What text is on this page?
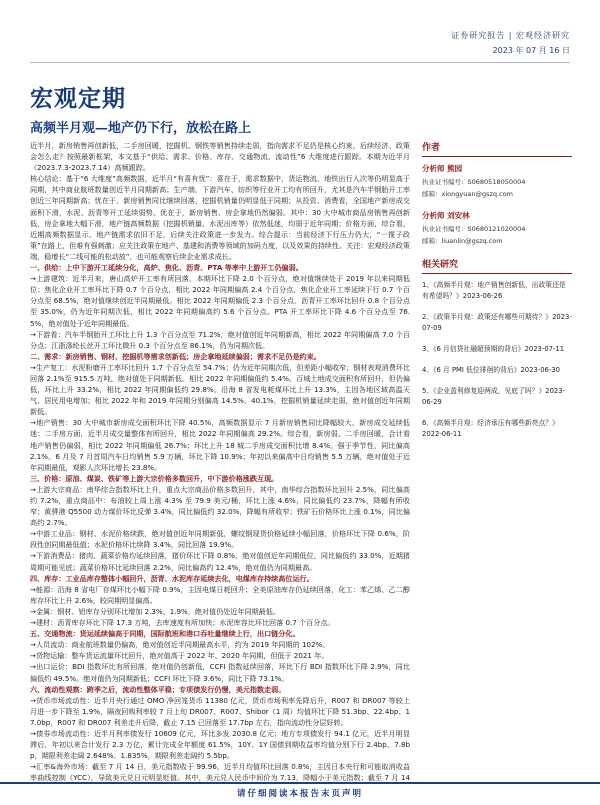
证券研究报告 | 宏观经济研究
2023 年 07 月 16 日
宏观定期
高频半月观—地产仍下行，放松在路上

近半月，新房销售再创新低，二手房回暖，挖掘机、钢铁等销售持续走弱，指向需求不足仍是核心约束，后续经济、政策会怎么走？按照最新框架，本文基于“供给、需求、价格、库存、交通物流、流动性”6 大维度进行跟踪。本期为近半月（2023.7.3-2023.7.14）高频跟踪。

核心结论：基于“6 大维度”高频数据，近半月“有喜有忧”：喜在于，需求数据中，货运物流、地铁出行人次等仍明显高于同期，其中商业航班数量创近半月同期新高；生产端，下游汽车、纺织等行业开工均有所回升，尤其是汽车半钢胎开工率创近三年同期新高；忧在于，新房销售同比继续回落，挖掘机销量仍明显低于同期；从投资、消费看，全国地产新房成交面积下滑，水泥、沥青等开工延续弱势、优在于，新房销售、房企拿地仍然偏弱。其中：30 大中城市商品房销售再创新低，房企拿地大幅下滑，地产链高频数据（挖掘机销量、水泥出库等）依然低迷，均弱于近年同期；价格方面，综合看，近期高频数据显示，地产链需求依旧不足，后续关注政策进一步发力。综合提示：当前经济下行压力仍大，“一揽子政策”在路上，但难有强刺激；应关注政策在地产、基建和消费等领域的加码力度，以及效果的持续性。关注：宏观经济政策端，稳增长“二线可能的松动放”，也可能观察后续企业需求成长。

一、供给：上中下游开工延续分化，高炉、焦化、沥青、PTA 等率中上游开工仍偏弱。

→上游建筑：近半月来，唐山高炉开工率有所回落，本期环比下降 2.0 个百分点，绝对值继续处于 2019 年以来同期低位；焦化企业开工率环比下降 0.7 个百分点，相比 2022 年同期偏高 2.4 个百分点，焦化企业开工率延续下行 0.7 个百分点至 68.5%，绝对值继续创近半同期最低。相比 2022 年同期偏低 2.3 个百分点，沥青开工率环比回升 0.8 个百分点至 35.0%，仍为近年同期次低，相比 2022 年同期偏高约 5.6 个百分点。PTA 开工率环比下降 4.6 个百分点至 76.5%，绝对值处于近年同期最低。

→下游看：汽车半钢胎开工环比上升 1.3 个百分点至 71.2%，绝对值创近年同期新高，相比 2022 年同期偏高 7.0 个百分点；江浙涤纶长丝开工环比微升 0.3 个百分点至 86.1%，仍为同期次低。

二、需求：新房销售、钢材、挖掘机等需求创新低；房企拿地延续偏弱；需求不足仍是约束。

→生产复工：水泥粉磨开工率环比回升 1.7 个百分点至 54.7%；仍为近年同期次低，但差距小幅收窄；钢材表观消费环比回落 2.1%至 915.5 万吨，绝对值处于同期新低。相比 2022 年同期偏低约 5.4%。百城土地成交面积有所回升，但仍偏低，环比上升 33.2%，相比 2022 年同期偏低约 29.8%。沿海 8 省发电耗煤环比上升 13.3%，主因各地区域高温天气、居民用电增加；相比 2022 年和 2019 年同期分别偏高 14.5%、40.1%，挖掘机销量延续走弱，绝对值创近年同期新低。

→地产销售：30 大中城市新房成交面积环比下降 40.5%，高频数据显示 7 月新房销售同比降幅较大，新房成交延续低迷；二手房方面，近半月成交量整体有所回升，相比 2022 年同期偏高 29.2%。综合看，新房弱、二手房回暖，合计看地产销售仍偏弱，相比 2022 年同期偏低 26.7%；环比上升 18 城二手房成交面积比增 8.4%。强于季节性，同比偏高 2.1%。6 月及 7 月首周汽车日均销售 5.9 万辆，环比下降 10.9%；年初以来偏高中日均销售 5.5 万辆，绝对值处于近年同期最低，观影人次环比增长 23.8%。

三、价格：原油、煤炭、铁矿等上游大宗价格多数回升，中下游价格涨跌互现。

→上游大宗商品：南华综合指数环比上升，重点大宗商品价格多数回升，其中，南华综合指数环比回升 2.5%，同比偏高约 7.2%，重点商品中：布油较上周上涨 4.3% 至 79.9 美元/桶，环比上涨 4.6%，同比偏低约 23.7%，降幅有所收窄；黄骅港 Q5500 动力煤价环比反弹 3.4%，同比偏低约 32.0%，降幅有所收窄；铁矿石价格环比上涨 0.1%，同比偏高约 2.7%。

→中游工业品：钢材、水泥价格续跌，绝对值创近年同期新低，螺纹钢现货价格延续小幅回落，价格环比下降 0.6%，阶段性创同期最低值；水泥价格环比续降 3.4%，同比回落 19.9%。

→下游消费品：猪肉、蔬菜价格均延续回落，猪价环比下降 0.8%，绝对值创近年同期低位，同比偏低约 33.0%，近期猪周期可能见底；蔬菜价格环比延续回落 2.2%，同比偏高约 12.4%，绝对值仍为同期最高。

四、库存：工业品库存整体小幅回升，沥青、水泥库存延续去化，电煤库存持续高位运行。

→能源：沿海 8 省电厂存煤环比小幅下降 0.9%，主因电煤日耗回升；全美原油库存仍延续回落，化工：苯乙烯、乙二醇库存环比上升 2.6%，较同期明显偏高。

→金属：钢材、铝库存分别环比增加 2.3%、1.9%，绝对值仍处近年同期最低。

→建材：沥青库存环比下降 17.3 万吨，去库速度有所加快；水泥库容比环比回落 0.7 个百分点。

五、交通物流：货运延续偏高于同期，国际航班和港口吞吐量继续上行，出口链分化。

→人员流动：商业航班数量仍偏高，绝对值创近半同期最高水平，约为 2019 年同期的 102%。

→货物运输：整车货运流量环比回升，绝对值高于 2022 年、2020 年同期，但低于 2021 年。

→出口运价：BDI 指数环比有所回落，绝对值仍创新低，CCFI 指数延续回落，环比下行 BDI 指数环比下降 2.9%，同比偏低约 49.5%。绝对值仍为同期新低；CCFI 环比下降 3.6%，同比下降 73.1%。

六、流动性观察：跨季之后，流动性整体平稳；专项债发行仍慢，美元指数走弱。

→货币市场流动性：近半月央行通过 OMO 净回笼货币 11380 亿元，货币市场利率先降后升，R007 和 DR007 等较上月进一步下降至 1.9%，隔夜回购利率较 7 月上旬 DR007、R007、Shibor（1 周）均值环比下降 51.3bp、22.4bp、17.0bp，R007 和 DR007 利差走升后降，截止 7.15 已回落至 17.7bp 左右，指向流动性分层好转。

→债券市场流动性：近半月利率债发行 10609 亿元，环比多发 2030.8 亿元；地方专项债发行 94.1 亿元，近半月明显滞后，年初以来合计发行 2.3 万亿，累计完成全年额度 61.5%，10Y、1Y 国债到期收益率均值分别下行 2.4bp、7.8bp，期限利差走阔 2.648%、1.835%，期限利差走阔约 5.5bp。

→汇率&海外市场：截至 7 月 14 日，美元指数收于 99.96，近半月均值环比回落 0.8%，主因日本央行和可能取消收益率曲线控制（YCC），导致美元兑日元明显贬值。其中，美元兑人民币中间价为 7.13，降幅小于美元指数；截至 7 月 14

作者
分析师 熊园
执业证书编号：S0680518050004
邮箱：xiongyuan@gszq.com
分析师 刘安林
执业证书编号：S0680121020004
邮箱：liuanlin@gszq.com
相关研究
1、《高频半月观：地产销售创新低，出政策还是有希望吗？》2023-06-26
2、《政策半月观：政策还有哪些可期待？》2023-07-09
3、《6 月信贷社融超预期的背后》2023-07-11
4、《6 月 PMI 低位徘徊的背后》2023-06-30
5、《企业盈利修复迎两成，见底了吗？》2023-06-29
6、《高频半月观：经济承压有哪些新亮点？》2022-06-11
请仔细阅读本报告末页声明
